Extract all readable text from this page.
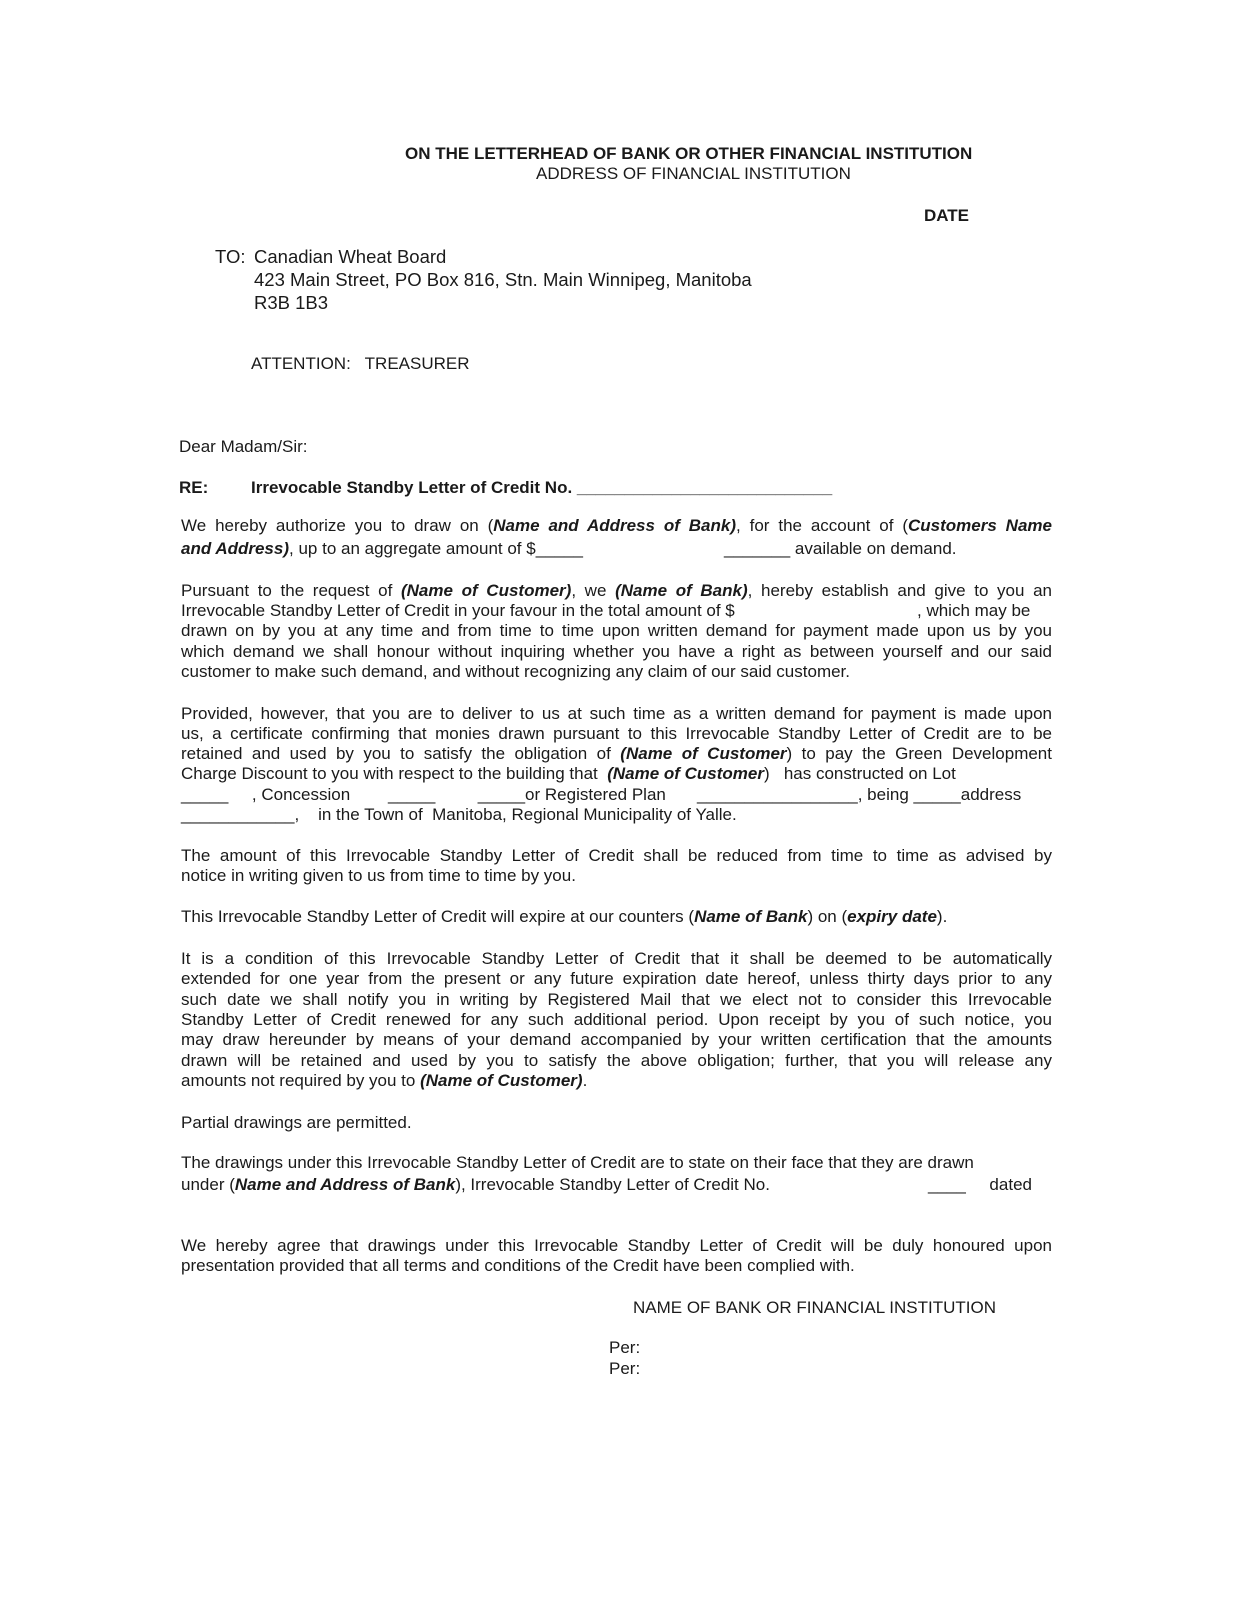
ON THE LETTERHEAD OF BANK OR OTHER FINANCIAL INSTITUTION
ADDRESS OF FINANCIAL INSTITUTION
DATE
TO: Canadian Wheat Board
423 Main Street, PO Box 816, Stn. Main Winnipeg, Manitoba
R3B 1B3
ATTENTION:   TREASURER
Dear Madam/Sir:
RE:	Irrevocable Standby Letter of Credit No. ___________________________
We hereby authorize you to draw on (Name and Address of Bank), for the account of (Customers Name
and Address), up to an aggregate amount of $_____	_______ available on demand.
Pursuant to the request of (Name of Customer), we (Name of Bank), hereby establish and give to you an
Irrevocable Standby Letter of Credit in your favour in the total amount of $	, which may be
drawn on by you at any time and from time to time upon written demand for payment made upon us by you
which demand we shall honour without inquiring whether you have a right as between yourself and our said
customer to make such demand, and without recognizing any claim of our said customer.
Provided, however, that you are to deliver to us at such time as a written demand for payment is made upon
us, a certificate confirming that monies drawn pursuant to this Irrevocable Standby Letter of Credit are to be
retained and used by you to satisfy the obligation of (Name of Customer) to pay the Green Development
Charge Discount to you with respect to the building that  (Name of Customer)   has constructed on Lot
_____     , Concession _____         _____or Registered Plan _________________, being _____address
____________,    in the Town of  Manitoba, Regional Municipality of Yalle.
The amount of this Irrevocable Standby Letter of Credit shall be reduced from time to time as advised by
notice in writing given to us from time to time by you.
This Irrevocable Standby Letter of Credit will expire at our counters (Name of Bank) on (expiry date).
It is a condition of this Irrevocable Standby Letter of Credit that it shall be deemed to be automatically
extended for one year from the present or any future expiration date hereof, unless thirty days prior to any
such date we shall notify you in writing by Registered Mail that we elect not to consider this Irrevocable
Standby Letter of Credit renewed for any such additional period. Upon receipt by you of such notice, you
may draw hereunder by means of your demand accompanied by your written certification that the amounts
drawn will be retained and used by you to satisfy the above obligation; further, that you will release any
amounts not required by you to (Name of Customer).
Partial drawings are permitted.
The drawings under this Irrevocable Standby Letter of Credit are to state on their face that they are drawn
under (Name and Address of Bank), Irrevocable Standby Letter of Credit No.	____     dated
We hereby agree that drawings under this Irrevocable Standby Letter of Credit will be duly honoured upon
presentation provided that all terms and conditions of the Credit have been complied with.
NAME OF BANK OR FINANCIAL INSTITUTION
Per:
Per:
